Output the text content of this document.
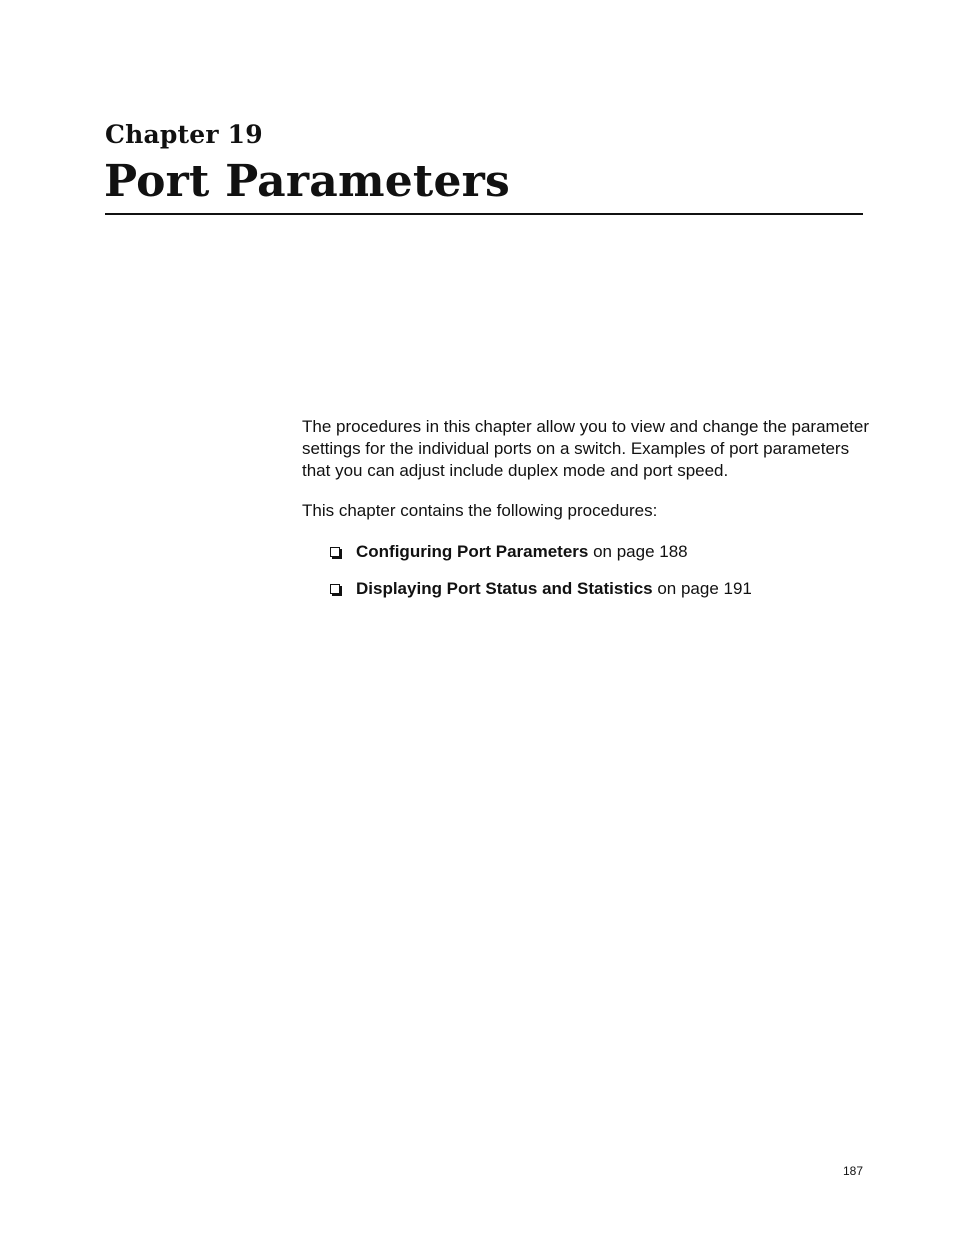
Chapter 19
Port Parameters

The procedures in this chapter allow you to view and change the parameter settings for the individual ports on a switch. Examples of port parameters that you can adjust include duplex mode and port speed.

This chapter contains the following procedures:

Configuring Port Parameters on page 188
Displaying Port Status and Statistics on page 191
187
